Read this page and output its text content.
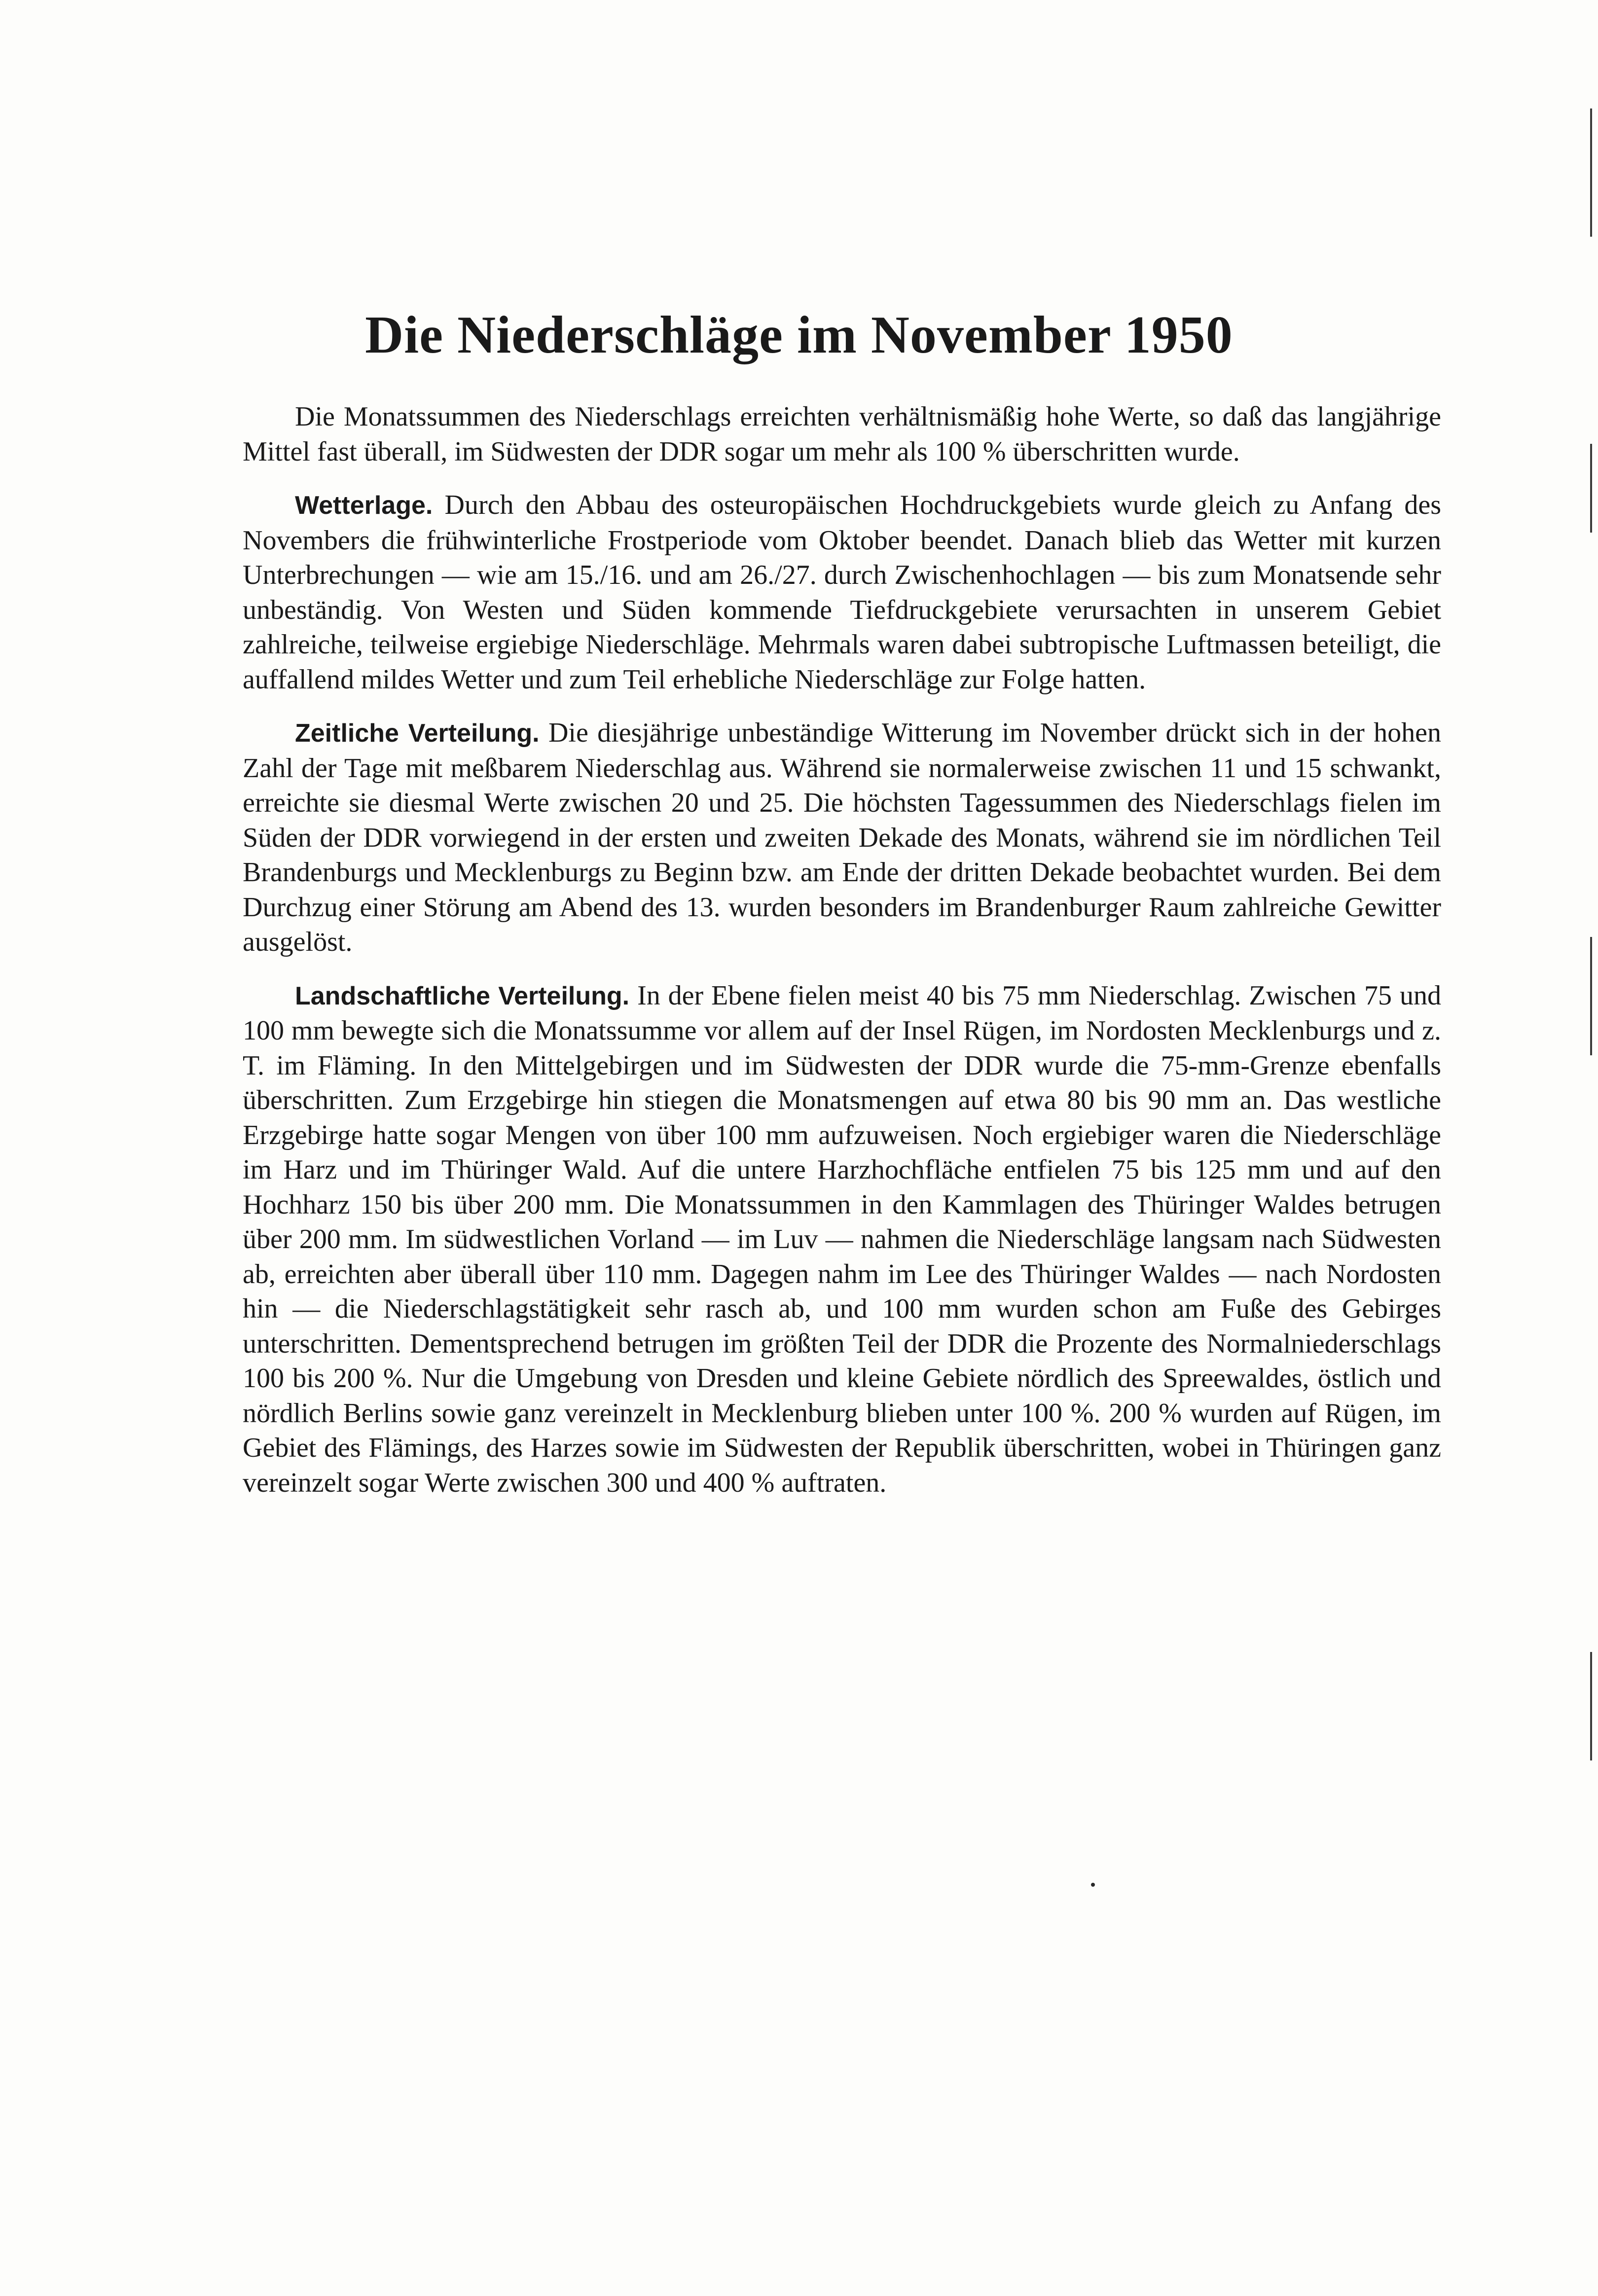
Die Niederschläge im November 1950

Die Monatssummen des Niederschlags erreichten verhältnismäßig hohe Werte, so daß das langjährige Mittel fast überall, im Südwesten der DDR sogar um mehr als 100 % überschritten wurde.

Wetterlage. Durch den Abbau des osteuropäischen Hochdruckgebiets wurde gleich zu Anfang des Novembers die frühwinterliche Frostperiode vom Oktober beendet. Danach blieb das Wetter mit kurzen Unterbrechungen — wie am 15./16. und am 26./27. durch Zwischenhochlagen — bis zum Monatsende sehr unbeständig. Von Westen und Süden kommende Tiefdruckgebiete verursachten in unserem Gebiet zahlreiche, teilweise ergiebige Niederschläge. Mehrmals waren dabei subtropische Luftmassen beteiligt, die auffallend mildes Wetter und zum Teil erhebliche Niederschläge zur Folge hatten.

Zeitliche Verteilung. Die diesjährige unbeständige Witterung im November drückt sich in der hohen Zahl der Tage mit meßbarem Niederschlag aus. Während sie normalerweise zwischen 11 und 15 schwankt, erreichte sie diesmal Werte zwischen 20 und 25. Die höchsten Tagessummen des Niederschlags fielen im Süden der DDR vorwiegend in der ersten und zweiten Dekade des Monats, während sie im nördlichen Teil Brandenburgs und Mecklenburgs zu Beginn bzw. am Ende der dritten Dekade beobachtet wurden. Bei dem Durchzug einer Störung am Abend des 13. wurden besonders im Brandenburger Raum zahlreiche Gewitter ausgelöst.

Landschaftliche Verteilung. In der Ebene fielen meist 40 bis 75 mm Niederschlag. Zwischen 75 und 100 mm bewegte sich die Monatssumme vor allem auf der Insel Rügen, im Nordosten Mecklenburgs und z. T. im Fläming. In den Mittelgebirgen und im Südwesten der DDR wurde die 75-mm-Grenze ebenfalls überschritten. Zum Erzgebirge hin stiegen die Monatsmengen auf etwa 80 bis 90 mm an. Das westliche Erzgebirge hatte sogar Mengen von über 100 mm aufzuweisen. Noch ergiebiger waren die Niederschläge im Harz und im Thüringer Wald. Auf die untere Harzhochfläche entfielen 75 bis 125 mm und auf den Hochharz 150 bis über 200 mm. Die Monatssummen in den Kammlagen des Thüringer Waldes betrugen über 200 mm. Im südwestlichen Vorland — im Luv — nahmen die Niederschläge langsam nach Südwesten ab, erreichten aber überall über 110 mm. Dagegen nahm im Lee des Thüringer Waldes — nach Nordosten hin — die Niederschlagstätigkeit sehr rasch ab, und 100 mm wurden schon am Fuße des Gebirges unterschritten. Dementsprechend betrugen im größten Teil der DDR die Prozente des Normalniederschlags 100 bis 200 %. Nur die Umgebung von Dresden und kleine Gebiete nördlich des Spreewaldes, östlich und nördlich Berlins sowie ganz vereinzelt in Mecklenburg blieben unter 100 %. 200 % wurden auf Rügen, im Gebiet des Flämings, des Harzes sowie im Südwesten der Republik überschritten, wobei in Thüringen ganz vereinzelt sogar Werte zwischen 300 und 400 % auftraten.
